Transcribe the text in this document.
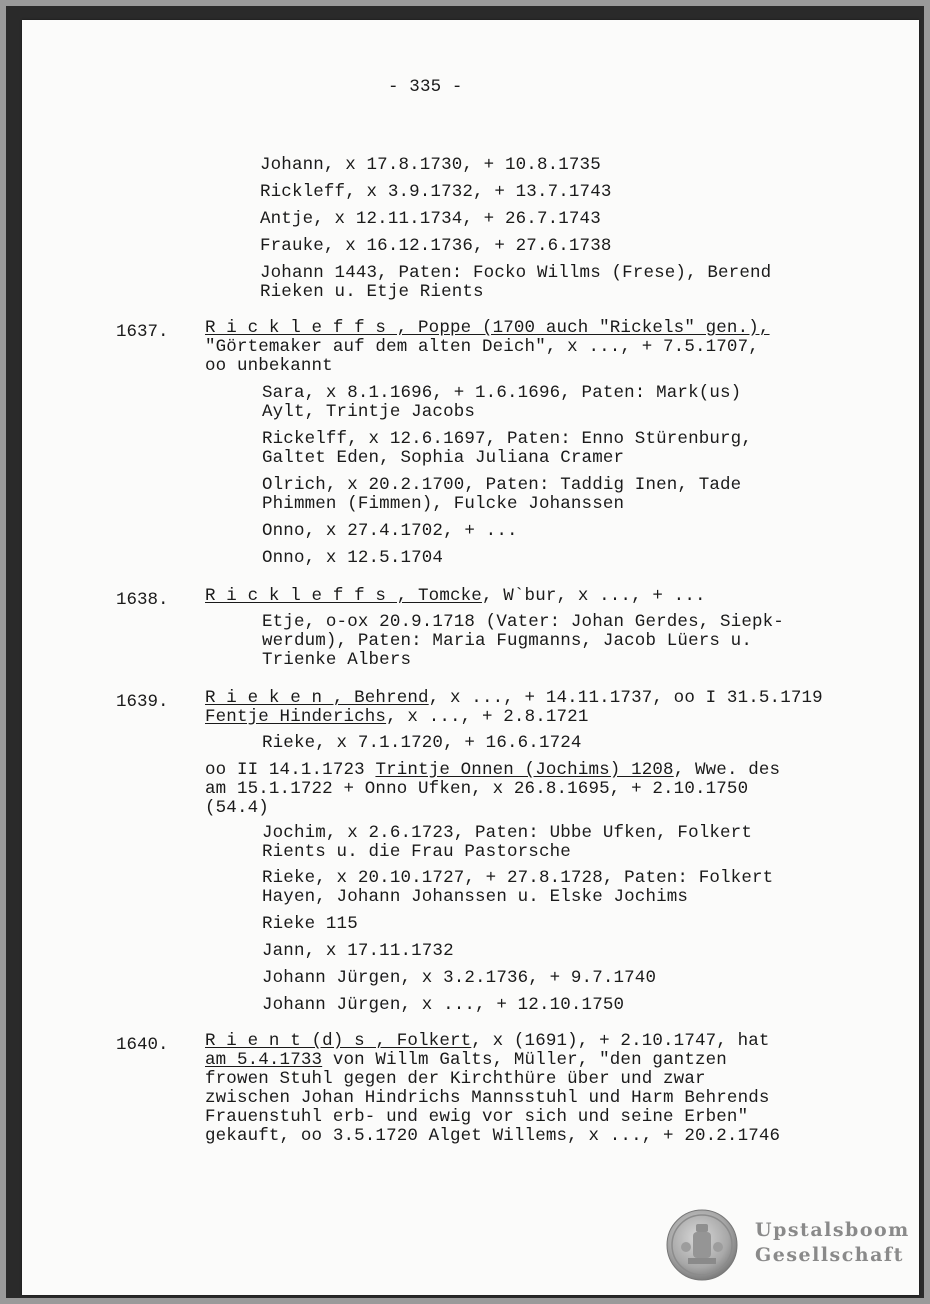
- 335 -
Johann, x 17.8.1730, + 10.8.1735
Rickleff, x 3.9.1732, + 13.7.1743
Antje, x 12.11.1734, + 26.7.1743
Frauke, x 16.12.1736, + 27.6.1738
Johann 1443, Paten: Focko Willms (Frese), Berend
Rieken u. Etje Rients
1637. R i c k l e f f s , Poppe (1700 auch "Rickels" gen.),
"Görtemaker auf dem alten Deich", x ..., + 7.5.1707,
oo unbekannt
Sara, x 8.1.1696, + 1.6.1696, Paten: Mark(us)
Aylt, Trintje Jacobs
Rickelff, x 12.6.1697, Paten: Enno Stürenburg,
Galtet Eden, Sophia Juliana Cramer
Olrich, x 20.2.1700, Paten: Taddig Inen, Tade
Phimmen (Fimmen), Fulcke Johanssen
Onno, x 27.4.1702, + ...
Onno, x 12.5.1704
1638. R i c k l e f f s , Tomcke, W`bur, x ..., + ...
Etje, o-ox 20.9.1718 (Vater: Johan Gerdes, Siepk-
werdum), Paten: Maria Fugmanns, Jacob Lüers u.
Trienke Albers
1639. R i e k e n , Behrend, x ..., + 14.11.1737, oo I 31.5.1719
Fentje Hinderichs, x ..., + 2.8.1721
Rieke, x 7.1.1720, + 16.6.1724
oo II 14.1.1723 Trintje Onnen (Jochims) 1208, Wwe. des
am 15.1.1722 + Onno Ufken, x 26.8.1695, + 2.10.1750
(54.4)
Jochim, x 2.6.1723, Paten: Ubbe Ufken, Folkert
Rients u. die Frau Pastorsche
Rieke, x 20.10.1727, + 27.8.1728, Paten: Folkert
Hayen, Johann Johanssen u. Elske Jochims
Rieke 115
Jann, x 17.11.1732
Johann Jürgen, x 3.2.1736, + 9.7.1740
Johann Jürgen, x ..., + 12.10.1750
1640. R i e n t (d) s , Folkert, x (1691), + 2.10.1747, hat
am 5.4.1733 von Willm Galts, Müller, "den gantzen
frowen Stuhl gegen der Kirchthüre über und zwar
zwischen Johan Hindrichs Mannsstuhl und Harm Behrends
Frauenstuhl erb- und ewig vor sich und seine Erben"
gekauft, oo 3.5.1720 Alget Willems, x ..., + 20.2.1746
Upstalsboom
Gesellschaft
